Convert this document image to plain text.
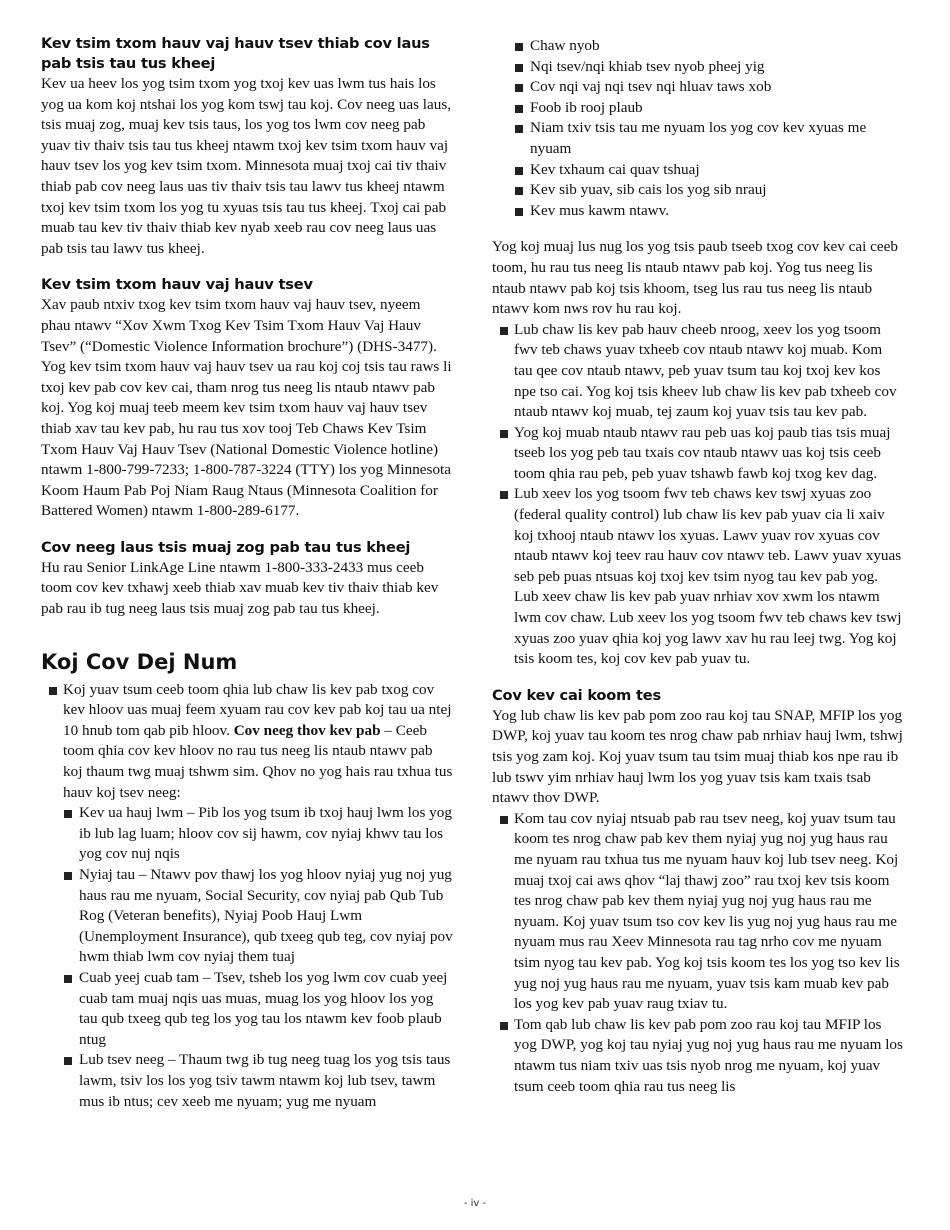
Kev tsim txom hauv vaj hauv tsev thiab cov laus pab tsis tau tus kheej

Kev ua heev los yog tsim txom yog txoj kev uas lwm tus hais los yog ua kom koj ntshai los yog kom tswj tau koj. Cov neeg uas laus, tsis muaj zog, muaj kev tsis taus, los yog tos lwm cov neeg pab yuav tiv thaiv tsis tau tus kheej ntawm txoj kev tsim txom hauv vaj hauv tsev los yog kev tsim txom. Minnesota muaj txoj cai tiv thaiv thiab pab cov neeg laus uas tiv thaiv tsis tau lawv tus kheej ntawm txoj kev tsim txom los yog tu xyuas tsis tau tus kheej. Txoj cai pab muab tau kev tiv thaiv thiab kev nyab xeeb rau cov neeg laus uas pab tsis tau lawv tus kheej.

Kev tsim txom hauv vaj hauv tsev

Xav paub ntxiv txog kev tsim txom hauv vaj hauv tsev, nyeem phau ntawv “Xov Xwm Txog Kev Tsim Txom Hauv Vaj Hauv Tsev” (“Domestic Violence Information brochure”) (DHS-3477). Yog kev tsim txom hauv vaj hauv tsev ua rau koj coj tsis tau raws li txoj kev pab cov kev cai, tham nrog tus neeg lis ntaub ntawv pab koj. Yog koj muaj teeb meem kev tsim txom hauv vaj hauv tsev thiab xav tau kev pab, hu rau tus xov tooj Teb Chaws Kev Tsim Txom Hauv Vaj Hauv Tsev (National Domestic Violence hotline) ntawm 1-800-799-7233; 1-800-787-3224 (TTY) los yog Minnesota Koom Haum Pab Poj Niam Raug Ntaus (Minnesota Coalition for Battered Women) ntawm 1-800-289-6177.

Cov neeg laus tsis muaj zog pab tau tus kheej

Hu rau Senior LinkAge Line ntawm 1-800-333-2433 mus ceeb toom cov kev txhawj xeeb thiab xav muab kev tiv thaiv thiab kev pab rau ib tug neeg laus tsis muaj zog pab tau tus kheej.

Koj Cov Dej Num
Koj yuav tsum ceeb toom qhia lub chaw lis kev pab txog cov kev hloov uas muaj feem xyuam rau cov kev pab koj tau ua ntej 10 hnub tom qab pib hloov. Cov neeg thov kev pab – Ceeb toom qhia cov kev hloov no rau tus neeg lis ntaub ntawv pab koj thaum twg muaj tshwm sim. Qhov no yog hais rau txhua tus hauv koj tsev neeg:
Kev ua hauj lwm – Pib los yog tsum ib txoj hauj lwm los yog ib lub lag luam; hloov cov sij hawm, cov nyiaj khwv tau los yog cov nuj nqis
Nyiaj tau – Ntawv pov thawj los yog hloov nyiaj yug noj yug haus rau me nyuam, Social Security, cov nyiaj pab Qub Tub Rog (Veteran benefits), Nyiaj Poob Hauj Lwm (Unemployment Insurance), qub txeeg qub teg, cov nyiaj pov hwm thiab lwm cov nyiaj them tuaj
Cuab yeej cuab tam – Tsev, tsheb los yog lwm cov cuab yeej cuab tam muaj nqis uas muas, muag los yog hloov los yog tau qub txeeg qub teg los yog tau los ntawm kev foob plaub ntug
Lub tsev neeg – Thaum twg ib tug neeg tuag los yog tsis taus lawm, tsiv los los yog tsiv tawm ntawm koj lub tsev, tawm mus ib ntus; cev xeeb me nyuam; yug me nyuam
Chaw nyob
Nqi tsev/nqi khiab tsev nyob pheej yig
Cov nqi vaj nqi tsev nqi hluav taws xob
Foob ib rooj plaub
Niam txiv tsis tau me nyuam los yog cov kev xyuas me nyuam
Kev txhaum cai quav tshuaj
Kev sib yuav, sib cais los yog sib nrauj
Kev mus kawm ntawv.

Yog koj muaj lus nug los yog tsis paub tseeb txog cov kev cai ceeb toom, hu rau tus neeg lis ntaub ntawv pab koj. Yog tus neeg lis ntaub ntawv pab koj tsis khoom, tseg lus rau tus neeg lis ntaub ntawv kom nws rov hu rau koj.

Lub chaw lis kev pab hauv cheeb nroog, xeev los yog tsoom fwv teb chaws yuav txheeb cov ntaub ntawv koj muab. Kom tau qee cov ntaub ntawv, peb yuav tsum tau koj txoj kev kos npe tso cai. Yog koj tsis kheev lub chaw lis kev pab txheeb cov ntaub ntawv koj muab, tej zaum koj yuav tsis tau kev pab.
Yog koj muab ntaub ntawv rau peb uas koj paub tias tsis muaj tseeb los yog peb tau txais cov ntaub ntawv uas koj tsis ceeb toom qhia rau peb, peb yuav tshawb fawb koj txog kev dag.
Lub xeev los yog tsoom fwv teb chaws kev tswj xyuas zoo (federal quality control) lub chaw lis kev pab yuav cia li xaiv koj txhooj ntaub ntawv los xyuas. Lawv yuav rov xyuas cov ntaub ntawv koj teev rau hauv cov ntawv teb. Lawv yuav xyuas seb peb puas ntsuas koj txoj kev tsim nyog tau kev pab yog. Lub xeev chaw lis kev pab yuav nrhiav xov xwm los ntawm lwm cov chaw. Lub xeev los yog tsoom fwv teb chaws kev tswj xyuas zoo yuav qhia koj yog lawv xav hu rau leej twg. Yog koj tsis koom tes, koj cov kev pab yuav tu.
Cov kev cai koom tes

Yog lub chaw lis kev pab pom zoo rau koj tau SNAP, MFIP los yog DWP, koj yuav tau koom tes nrog chaw pab nrhiav hauj lwm, tshwj tsis yog zam koj. Koj yuav tsum tau tsim muaj thiab kos npe rau ib lub tswv yim nrhiav hauj lwm los yog yuav tsis kam txais tsab ntawv thov DWP.

Kom tau cov nyiaj ntsuab pab rau tsev neeg, koj yuav tsum tau koom tes nrog chaw pab kev them nyiaj yug noj yug haus rau me nyuam rau txhua tus me nyuam hauv koj lub tsev neeg. Koj muaj txoj cai aws qhov “laj thawj zoo” rau txoj kev tsis koom tes nrog chaw pab kev them nyiaj yug noj yug haus rau me nyuam. Koj yuav tsum tso cov kev lis yug noj yug haus rau me nyuam mus rau Xeev Minnesota rau tag nrho cov me nyuam tsim nyog tau kev pab. Yog koj tsis koom tes los yog tso kev lis yug noj yug haus rau me nyuam, yuav tsis kam muab kev pab los yog kev pab yuav raug txiav tu.
Tom qab lub chaw lis kev pab pom zoo rau koj tau MFIP los yog DWP, yog koj tau nyiaj yug noj yug haus rau me nyuam los ntawm tus niam txiv uas tsis nyob nrog me nyuam, koj yuav tsum ceeb toom qhia rau tus neeg lis
- iv -
